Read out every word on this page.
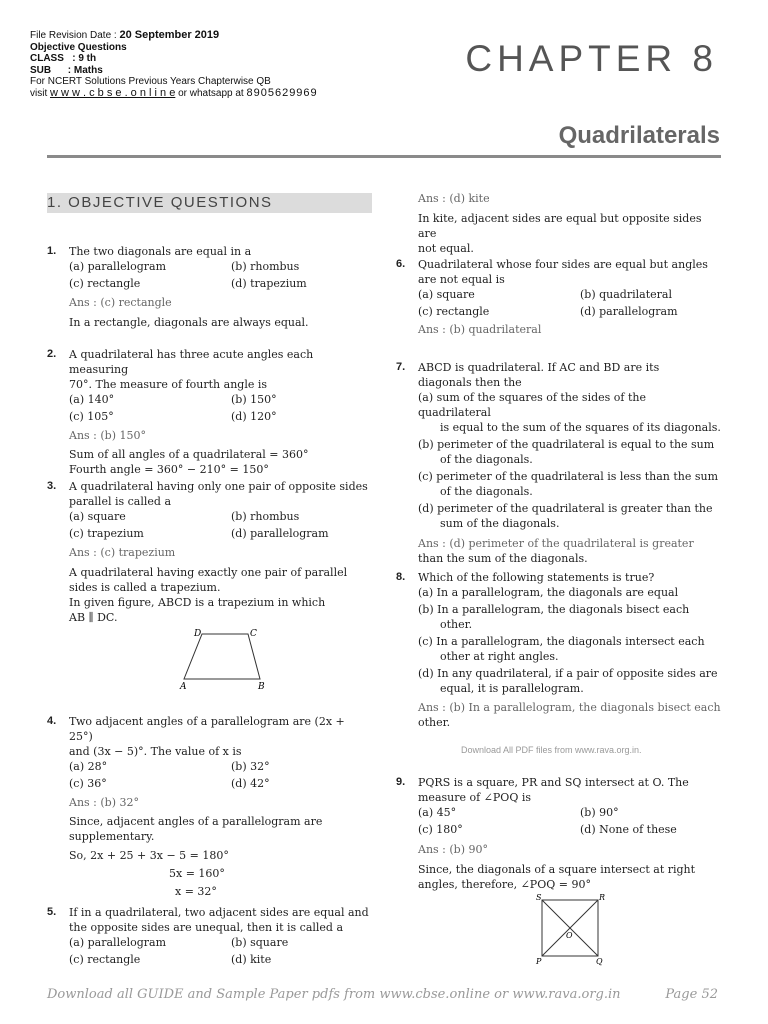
File Revision Date : 20 September 2019
Objective Questions
CLASS   : 9 th
SUB      : Maths
For NCERT Solutions Previous Years Chapterwise QB
visit w w w . c b s e . o n l i n e or whatsapp at 8905629969
CHAPTER 8
Quadrilaterals
1. OBJECTIVE QUESTIONS
1. The two diagonals are equal in a
(a) parallelogram	(b) rhombus
(c) rectangle	(d) trapezium
Ans : (c) rectangle
In a rectangle, diagonals are always equal.
2. A quadrilateral has three acute angles each measuring
70°. The measure of fourth angle is
(a) 140°	(b) 150°
(c) 105°	(d) 120°
Ans : (b) 150°
Sum of all angles of a quadrilateral = 360°
Fourth angle = 360° − 210° = 150°
3. A quadrilateral having only one pair of opposite sides
parallel is called a
(a) square	(b) rhombus
(c) trapezium	(d) parallelogram
Ans : (c) trapezium
A quadrilateral having exactly one pair of parallel
sides is called a trapezium.
In given figure, ABCD is a trapezium in which
AB ∥ DC.
D	C
A	B
4. Two adjacent angles of a parallelogram are (2x + 25°)
and (3x − 5)°. The value of x is
(a) 28°	(b) 32°
(c) 36°	(d) 42°
Ans : (b) 32°
Since, adjacent angles of a parallelogram are
supplementary.
So, 2x + 25 + 3x − 5 = 180°
5x = 160°
x = 32°
5. If in a quadrilateral, two adjacent sides are equal and
the opposite sides are unequal, then it is called a
(a) parallelogram	(b) square
(c) rectangle	(d) kite
Ans : (d) kite
In kite, adjacent sides are equal but opposite sides are
not equal.
6. Quadrilateral whose four sides are equal but angles
are not equal is
(a) square	(b) quadrilateral
(c) rectangle	(d) parallelogram
Ans : (b) quadrilateral
7. ABCD is quadrilateral. If AC and BD are its
diagonals then the
(a) sum of the squares of the sides of the quadrilateral
is equal to the sum of the squares of its diagonals.
(b) perimeter of the quadrilateral is equal to the sum
of the diagonals.
(c) perimeter of the quadrilateral is less than the sum
of the diagonals.
(d) perimeter of the quadrilateral is greater than the
sum of the diagonals.
Ans : (d) perimeter of the quadrilateral is greater
than the sum of the diagonals.
8. Which of the following statements is true?
(a) In a parallelogram, the diagonals are equal
(b) In a parallelogram, the diagonals bisect each
other.
(c) In a parallelogram, the diagonals intersect each
other at right angles.
(d) In any quadrilateral, if a pair of opposite sides are
equal, it is parallelogram.
Ans : (b) In a parallelogram, the diagonals bisect each
other.
Download All PDF files from www.rava.org.in.
9. PQRS is a square, PR and SQ intersect at O. The
measure of ∠POQ is
(a) 45°	(b) 90°
(c) 180°	(d) None of these
Ans : (b) 90°
Since, the diagonals of a square intersect at right
angles, therefore, ∠POQ = 90°
S	R
P	Q
O
Download all GUIDE and Sample Paper pdfs from www.cbse.online or www.rava.org.in	Page 52
